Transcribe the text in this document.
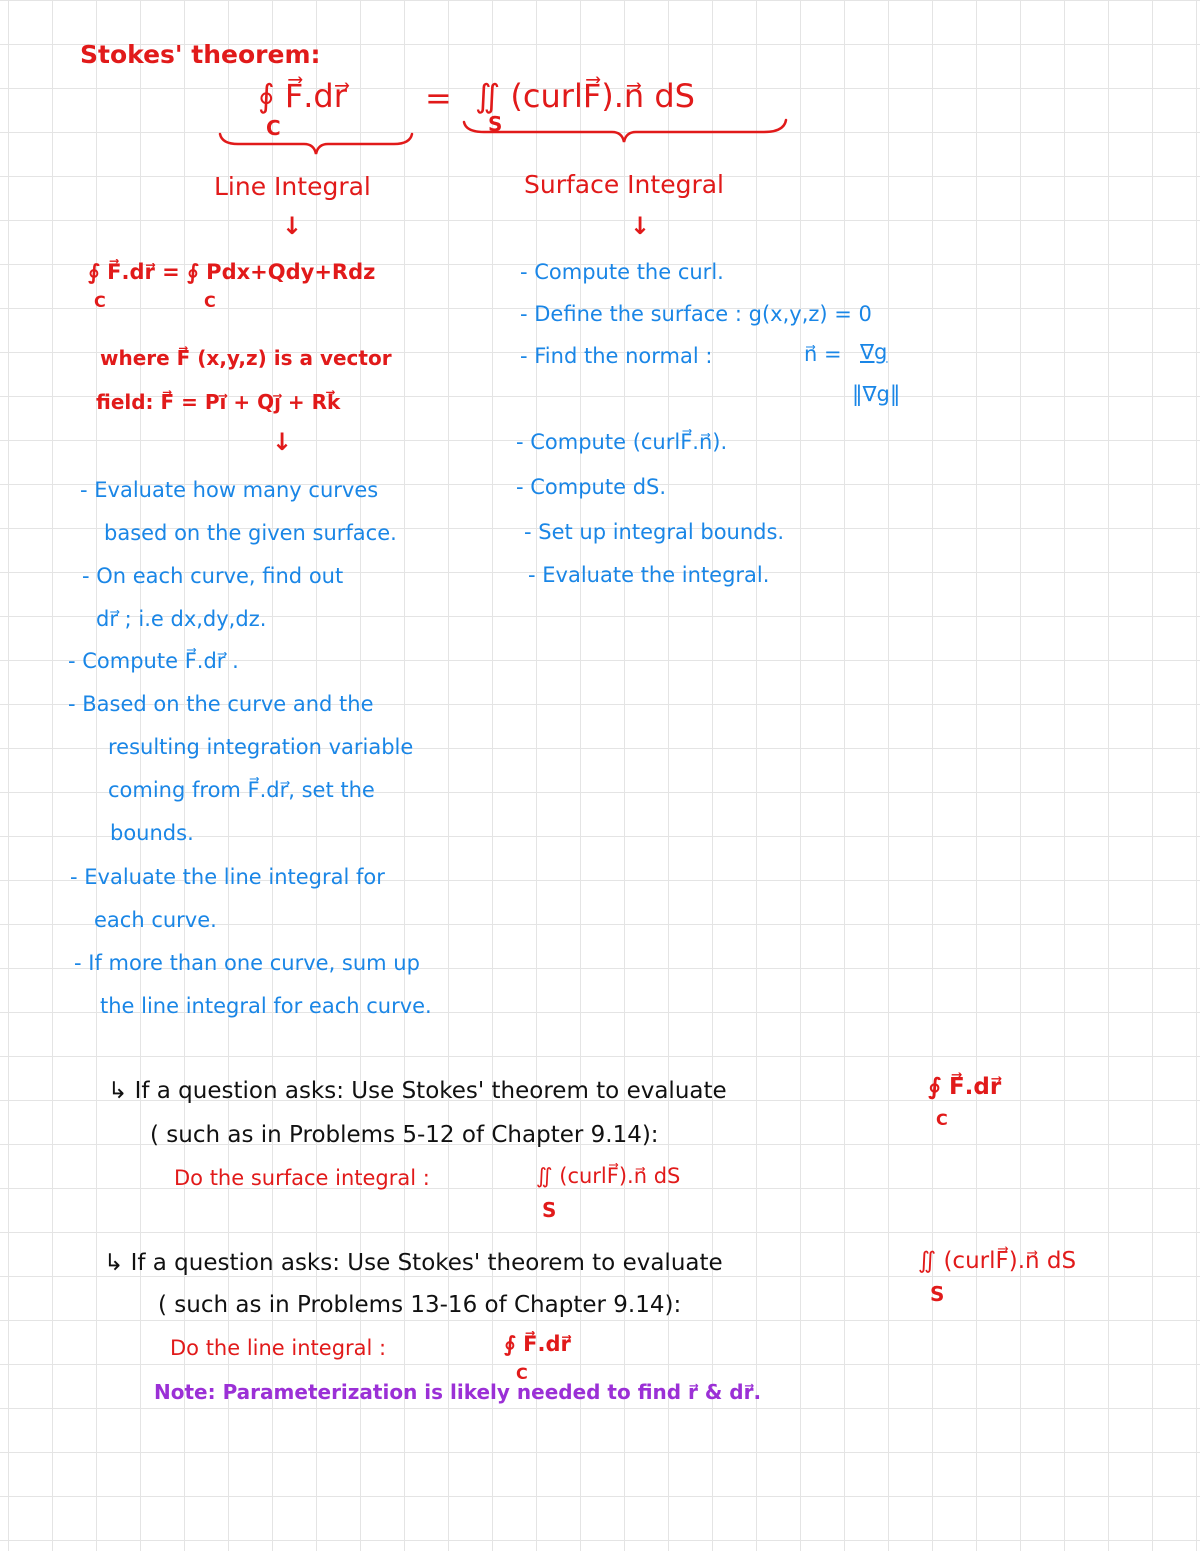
Stokes' theorem:
∮ F⃗.dr⃗
C
= ∬ (curlF⃗).n⃗ dS
S
Line Integral
↓
Surface Integral
↓
∮ F⃗.dr⃗ = ∮ Pdx+Qdy+Rdz
C	C
where F⃗ (x,y,z) is a vector
field: F⃗ = Pi⃗ + Qj⃗ + Rk⃗
↓
- Evaluate how many curves
based on the given surface.
- On each curve, find out
dr⃗ ; i.e dx,dy,dz.
- Compute F⃗.dr⃗ .
- Based on the curve and the
resulting integration variable
coming from F⃗.dr⃗, set the
bounds.
- Evaluate the line integral for
each curve.
- If more than one curve, sum up
the line integral for each curve.
- Compute the curl.
- Define the surface : g(x,y,z) = 0
- Find the normal :	n⃗ = ∇g
‖∇g‖
- Compute (curlF⃗.n⃗).
- Compute dS.
- Set up integral bounds.
- Evaluate the integral.
↳ If a question asks: Use Stokes' theorem to evaluate	∮ F⃗.dr⃗
C
( such as in Problems 5-12 of Chapter 9.14):
Do the surface integral :	∬ (curlF⃗).n⃗ dS
S
↳ If a question asks: Use Stokes' theorem to evaluate	∬ (curlF⃗).n⃗ dS
S
( such as in Problems 13-16 of Chapter 9.14):
Do the line integral :	∮ F⃗.dr⃗
C
Note: Parameterization is likely needed to find r⃗ & dr⃗.
